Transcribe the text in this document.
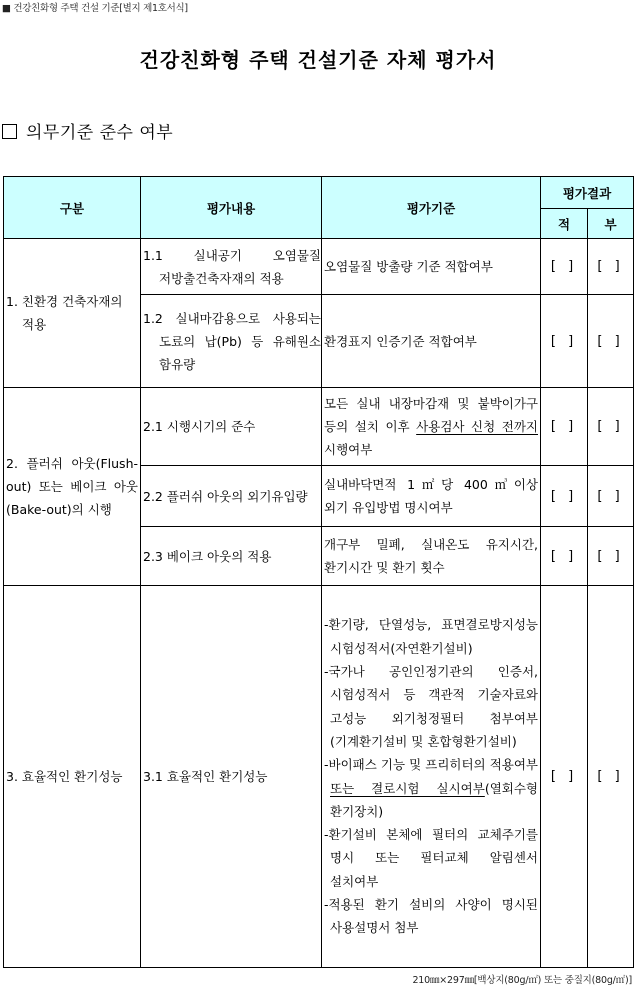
■ 건강친화형 주택 건설 기준[별지 제1호서식]
건강친화형 주택 건설기준 자체 평가서
의무기준 준수 여부
구분	평가내용	평가기준	평가결과	
			적	부

1. 친환경 건축자재의 적용	1.1 실내공기 오염물질 저방출건축자재의 적용	오염물질 방출량 기준 적합여부	[ ]	[ ]

	1.2 실내마감용으로 사용되는 도료의 납(Pb) 등 유해원소 함유량	환경표지 인증기준 적합여부	[ ]	[ ]

2. 플러쉬 아웃(Flush-out) 또는 베이크 아웃(Bake-out)의 시행	2.1 시행시기의 준수	모든 실내 내장마감재 및 붙박이가구 등의 설치 이후 사용검사 신청 전까지 시행여부	[ ]	[ ]

	2.2 플러쉬 아웃의 외기유입량	실내바닥면적 1㎡당 400㎥이상
외기 유입방법 명시여부	[ ]	[ ]

	2.3 베이크 아웃의 적용	개구부 밀폐, 실내온도 유지시간, 환기시간 및 환기 횟수	[ ]	[ ]

3. 효율적인 환기성능	3.1 효율적인 환기성능	-환기량, 단열성능, 표면결로방지성능 시험성적서(자연환기설비)
-국가나 공인인정기관의 인증서, 시험성적서 등 객관적 기술자료와 고성능 외기청정필터 첨부여부(기계환기설비 및 혼합형환기설비)
-바이패스 기능 및 프리히터의 적용여부 또는 결로시험 실시여부(열회수형 환기장치)
-환기설비 본체에 필터의 교체주기를 명시 또는 필터교체 알림센서 설치여부
-적용된 환기 설비의 사양이 명시된 사용설명서 첨부	[ ]	[ ]
210㎜×297㎜[백상지(80g/㎡) 또는 중질지(80g/㎡)]
